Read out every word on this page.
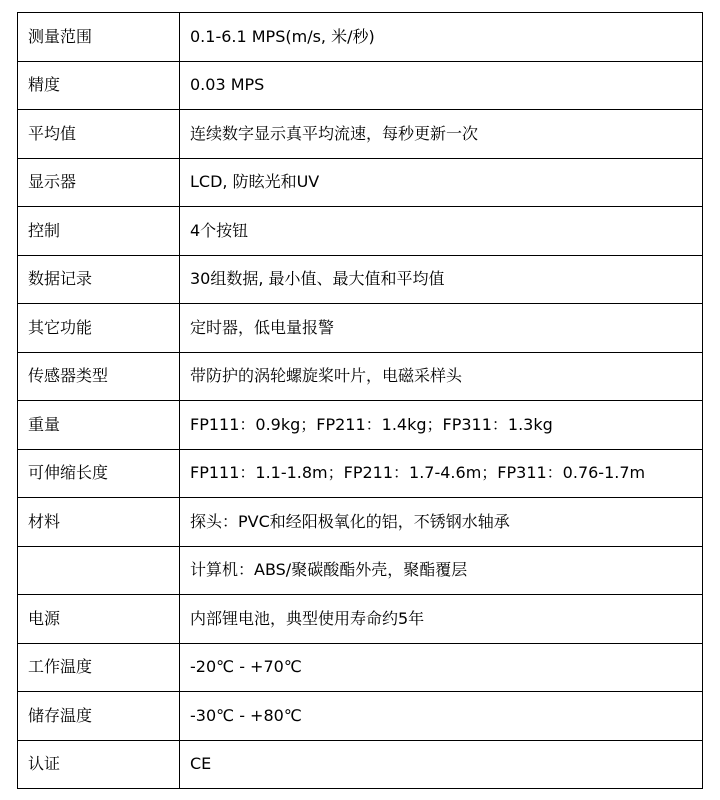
测量范围	0.1-6.1 MPS(m/s, 米/秒)
精度	0.03 MPS
平均值	连续数字显示真平均流速，每秒更新一次
显示器	LCD, 防眩光和UV
控制	4个按钮
数据记录	30组数据, 最小值、最大值和平均值
其它功能	定时器，低电量报警
传感器类型	带防护的涡轮螺旋桨叶片，电磁采样头
重量	FP111：0.9kg；FP211：1.4kg；FP311：1.3kg
可伸缩长度	FP111：1.1-1.8m；FP211：1.7-4.6m；FP311：0.76-1.7m
材料	探头：PVC和经阳极氧化的铝，不锈钢水轴承
	计算机：ABS/聚碳酸酯外壳，聚酯覆层
电源	内部锂电池，典型使用寿命约5年
工作温度	-20℃ - +70℃
储存温度	-30℃ - +80℃
认证	CE
